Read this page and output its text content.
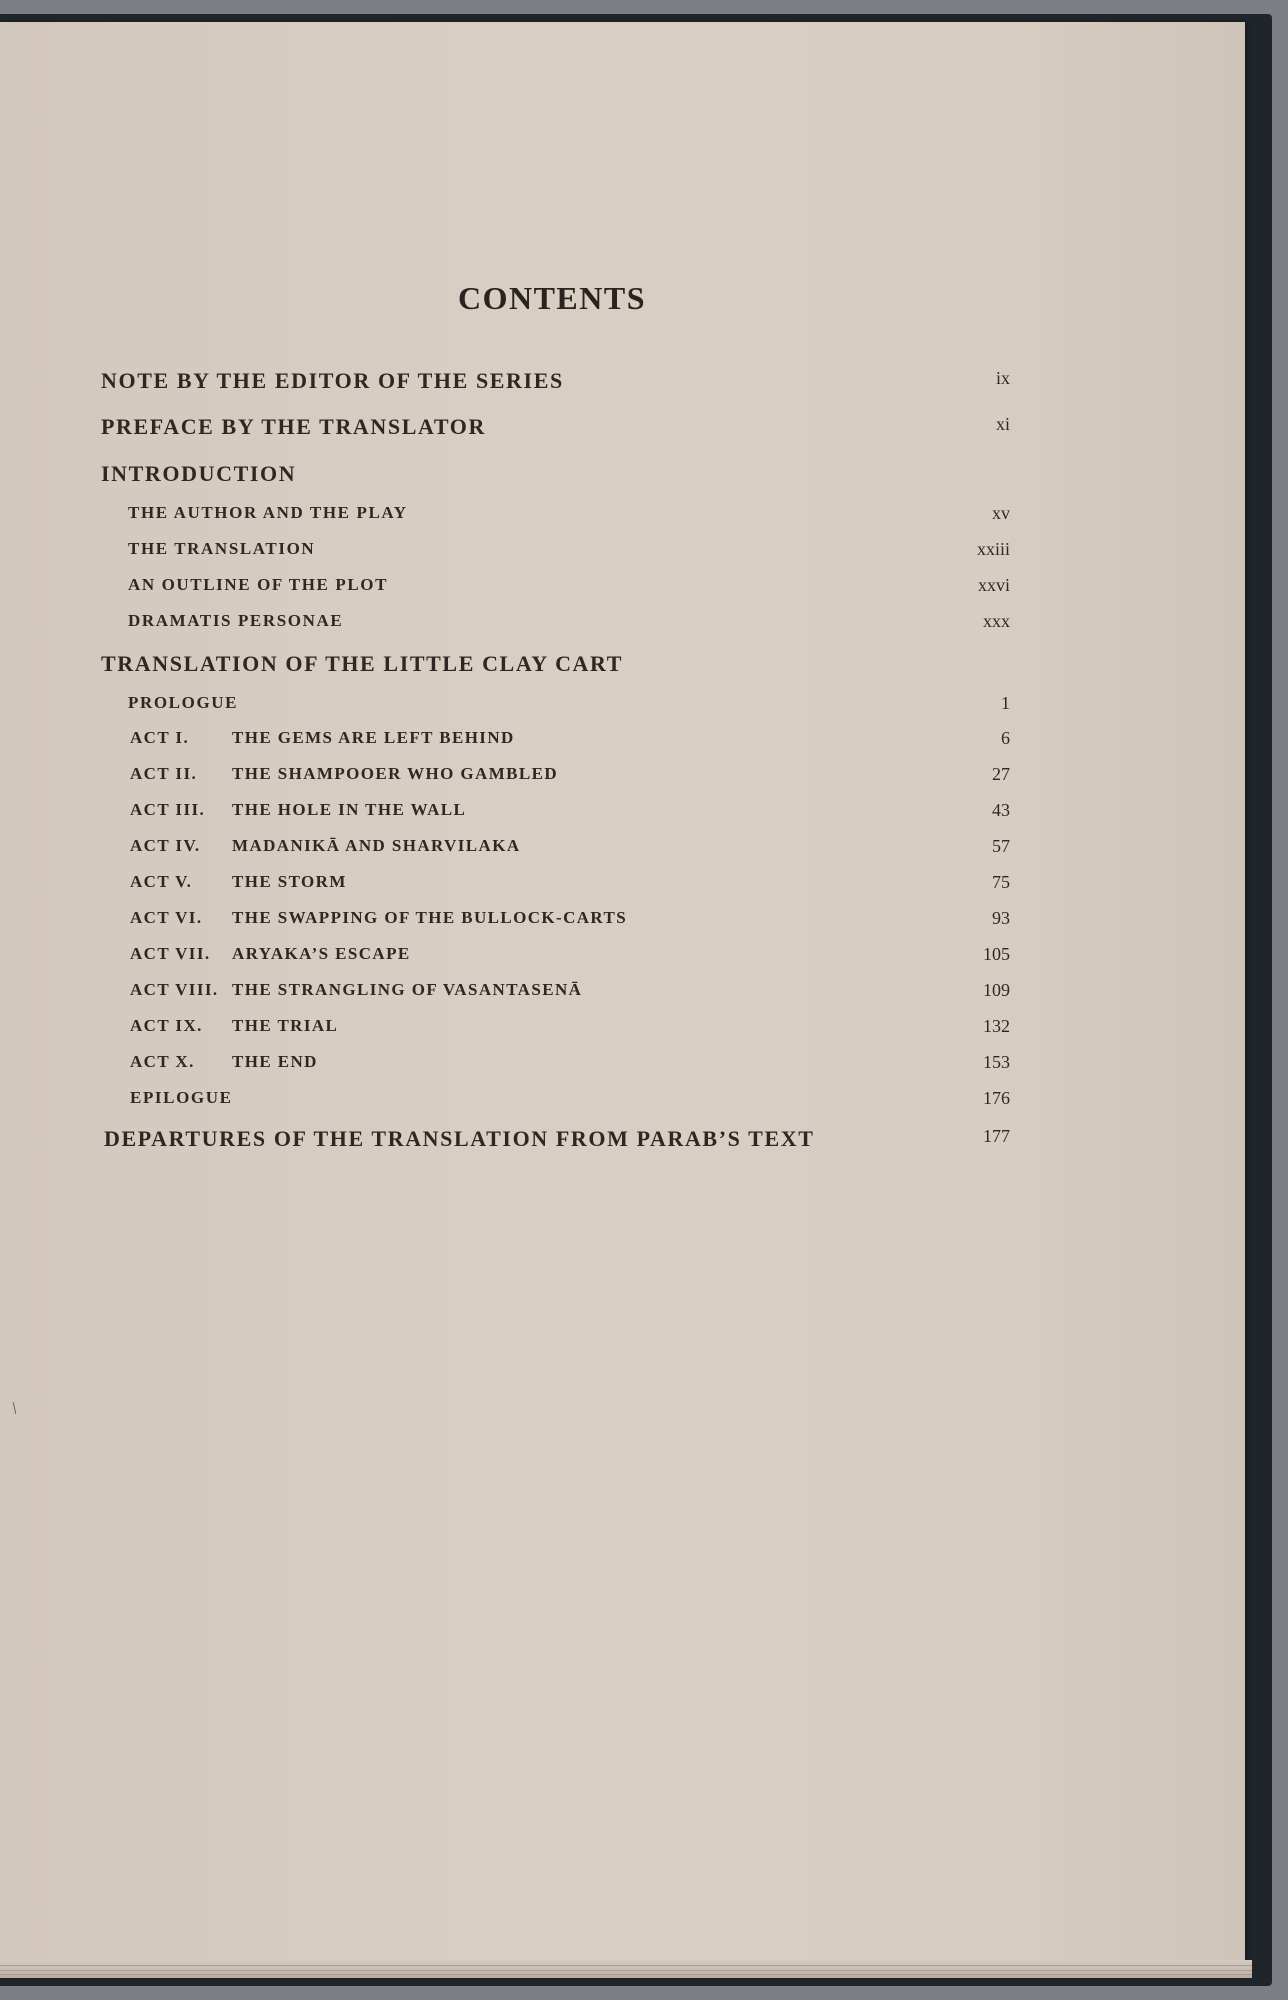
CONTENTS
NOTE BY THE EDITOR OF THE SERIES	ix
PREFACE BY THE TRANSLATOR	xi
INTRODUCTION
THE AUTHOR AND THE PLAY	xv
THE TRANSLATION	xxiii
AN OUTLINE OF THE PLOT	xxvi
DRAMATIS PERSONAE	xxx
TRANSLATION OF THE LITTLE CLAY CART
PROLOGUE	1
ACT I.	THE GEMS ARE LEFT BEHIND	6
ACT II. THE SHAMPOOER WHO GAMBLED	27
ACT III. THE HOLE IN THE WALL	43
ACT IV. MADANIKĀ AND SHARVILAKA	57
ACT V. THE STORM	75
ACT VI. THE SWAPPING OF THE BULLOCK-CARTS	93
ACT VII. ARYAKA’S ESCAPE	105
ACT VIII. THE STRANGLING OF VASANTASENĀ	109
ACT IX. THE TRIAL	132
ACT X. THE END	153
EPILOGUE	176
DEPARTURES OF THE TRANSLATION FROM PARAB’S TEXT	177
